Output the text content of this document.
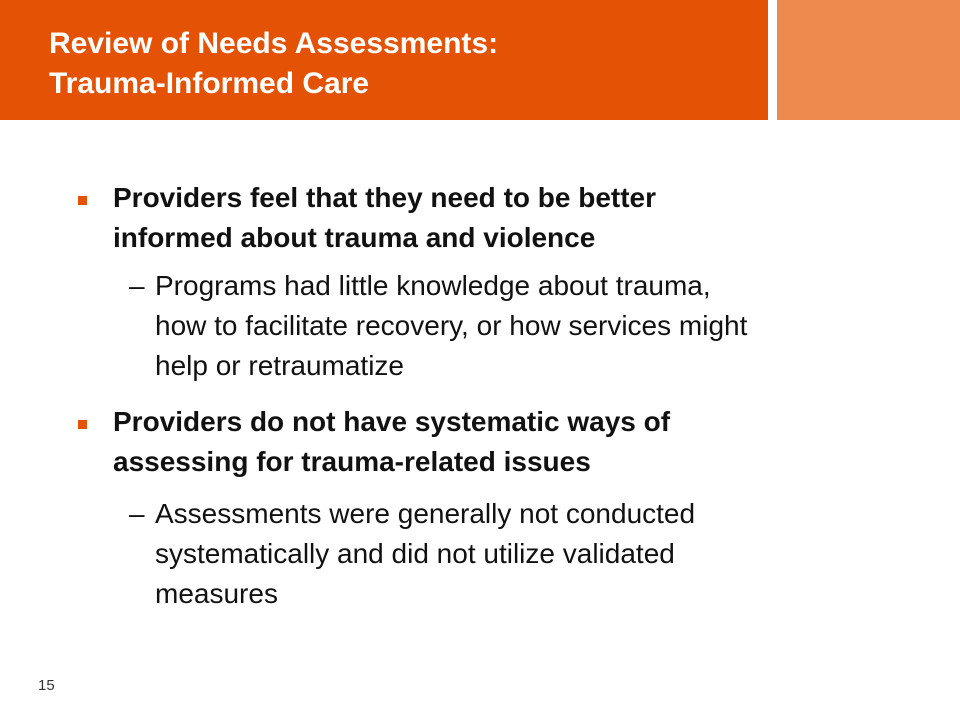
Review of Needs Assessments:
Trauma-Informed Care

Providers feel that they need to be better
informed about trauma and violence

– Programs had little knowledge about trauma,
how to facilitate recovery, or how services might
help or retraumatize

Providers do not have systematic ways of
assessing for trauma-related issues

– Assessments were generally not conducted
systematically and did not utilize validated
measures

15
